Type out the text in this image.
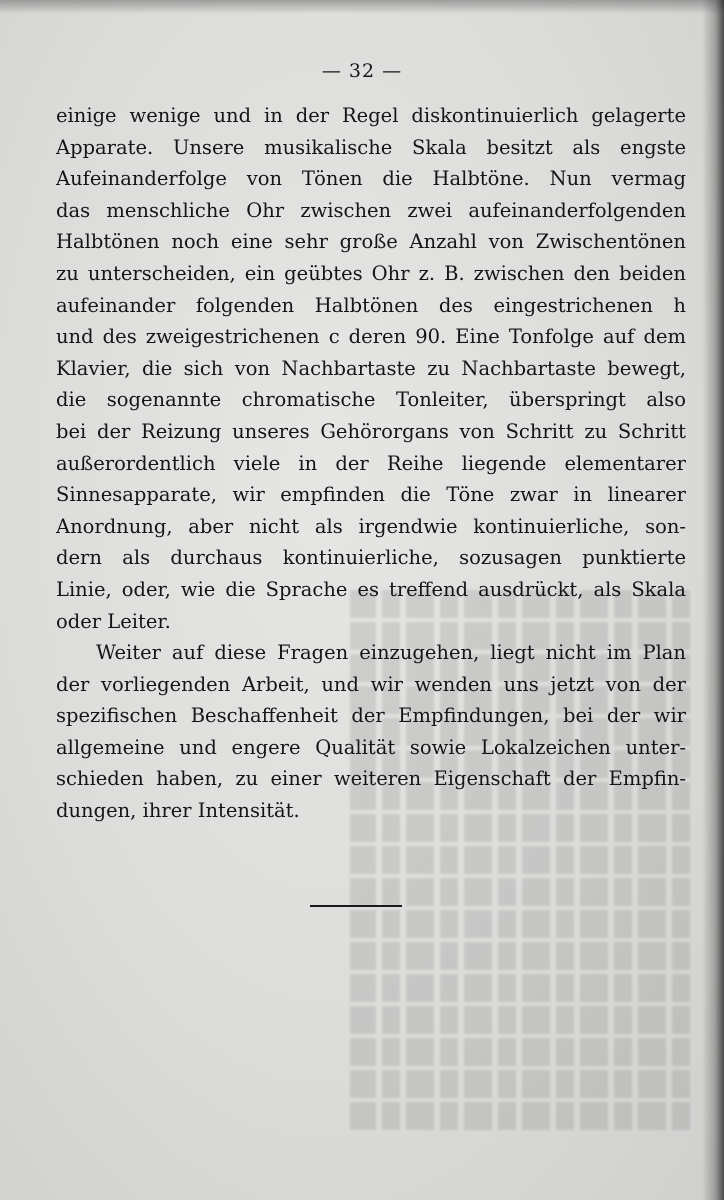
— 32 —
einige wenige und in der Regel diskontinuierlich gelagerte
Apparate. Unsere musikalische Skala besitzt als engste
Aufeinanderfolge von Tönen die Halbtöne. Nun vermag
das menschliche Ohr zwischen zwei aufeinanderfolgenden
Halbtönen noch eine sehr große Anzahl von Zwischentönen
zu unterscheiden, ein geübtes Ohr z. B. zwischen den beiden
aufeinander folgenden Halbtönen des eingestrichenen h
und des zweigestrichenen c deren 90. Eine Tonfolge auf dem
Klavier, die sich von Nachbartaste zu Nachbartaste bewegt,
die sogenannte chromatische Tonleiter, überspringt also
bei der Reizung unseres Gehörorgans von Schritt zu Schritt
außerordentlich viele in der Reihe liegende elementarer
Sinnesapparate, wir empfinden die Töne zwar in linearer
Anordnung, aber nicht als irgendwie kontinuierliche, son-
dern als durchaus kontinuierliche, sozusagen punktierte
Linie, oder, wie die Sprache es treffend ausdrückt, als Skala
oder Leiter.
Weiter auf diese Fragen einzugehen, liegt nicht im Plan
der vorliegenden Arbeit, und wir wenden uns jetzt von der
spezifischen Beschaffenheit der Empfindungen, bei der wir
allgemeine und engere Qualität sowie Lokalzeichen unter-
schieden haben, zu einer weiteren Eigenschaft der Empfin-
dungen, ihrer Intensität.
